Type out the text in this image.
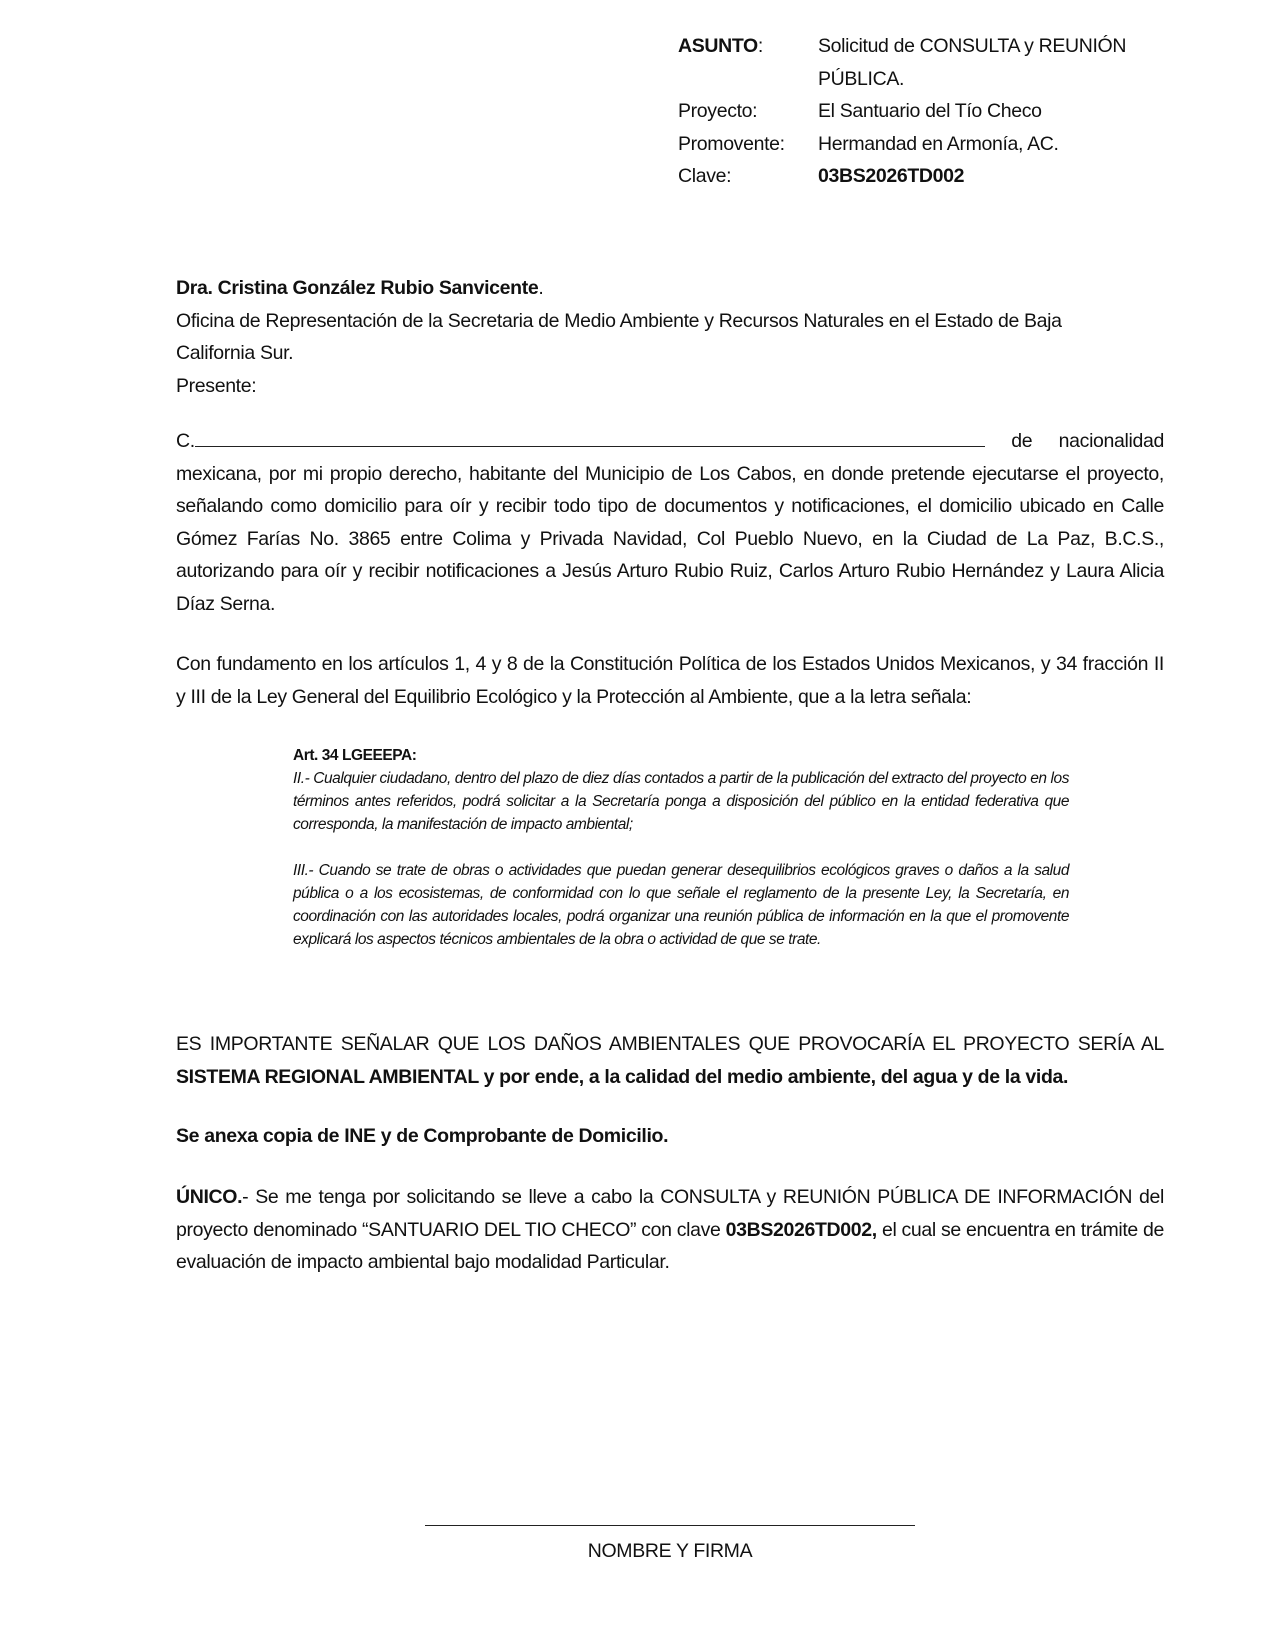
ASUNTO:	Solicitud de CONSULTA y REUNIÓN
PÚBLICA.
Proyecto:	El Santuario del Tío Checo
Promovente:	Hermandad en Armonía, AC.
Clave:	03BS2026TD002

Dra. Cristina González Rubio Sanvicente.

Oficina de Representación de la Secretaria de Medio Ambiente y Recursos Naturales en el Estado de Baja

California Sur.

Presente:

C.	de nacionalidad

mexicana, por mi propio derecho, habitante del Municipio de Los Cabos, en donde pretende ejecutarse el proyecto, señalando como domicilio para oír y recibir todo tipo de documentos y notificaciones, el domicilio ubicado en Calle Gómez Farías No. 3865 entre Colima y Privada Navidad, Col Pueblo Nuevo, en la Ciudad de La Paz, B.C.S., autorizando para oír y recibir notificaciones a Jesús Arturo Rubio Ruiz, Carlos Arturo Rubio Hernández y Laura Alicia Díaz Serna.

Con fundamento en los artículos 1, 4 y 8 de la Constitución Política de los Estados Unidos Mexicanos, y 34 fracción II y III de la Ley General del Equilibrio Ecológico y la Protección al Ambiente, que a la letra señala:

Art. 34 LGEEEPA:

II.- Cualquier ciudadano, dentro del plazo de diez días contados a partir de la publicación del extracto del proyecto en los términos antes referidos, podrá solicitar a la Secretaría ponga a disposición del público en la entidad federativa que corresponda, la manifestación de impacto ambiental;

III.- Cuando se trate de obras o actividades que puedan generar desequilibrios ecológicos graves o daños a la salud pública o a los ecosistemas, de conformidad con lo que señale el reglamento de la presente Ley, la Secretaría, en coordinación con las autoridades locales, podrá organizar una reunión pública de información en la que el promovente explicará los aspectos técnicos ambientales de la obra o actividad de que se trate.

ES IMPORTANTE SEÑALAR QUE LOS DAÑOS AMBIENTALES QUE PROVOCARÍA EL PROYECTO SERÍA AL

SISTEMA REGIONAL AMBIENTAL y por ende, a la calidad del medio ambiente, del agua y de la vida.

Se anexa copia de INE y de Comprobante de Domicilio.

ÚNICO.- Se me tenga por solicitando se lleve a cabo la CONSULTA y REUNIÓN PÚBLICA DE INFORMACIÓN del proyecto denominado “SANTUARIO DEL TIO CHECO” con clave 03BS2026TD002, el cual se encuentra en trámite de evaluación de impacto ambiental bajo modalidad Particular.

NOMBRE Y FIRMA
